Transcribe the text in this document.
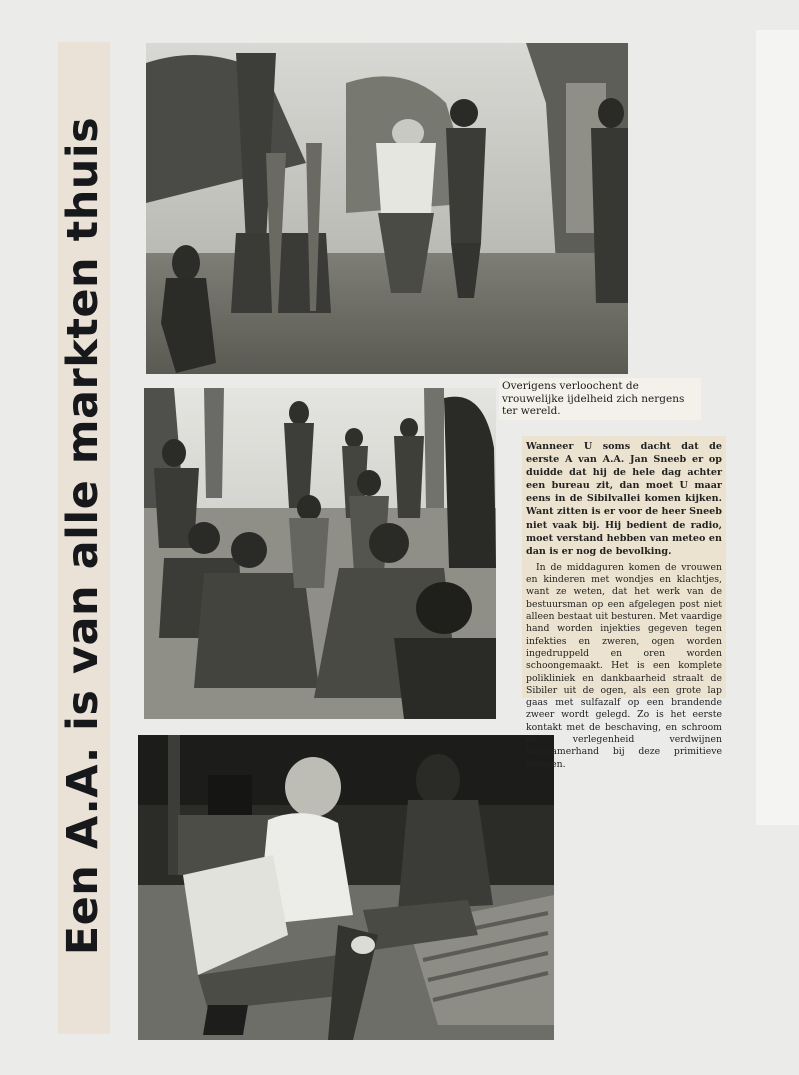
Een A.A. is van alle markten thuis	Overigens verloochent de vrouwelijke ijdelheid zich nergens ter wereld.

Wanneer U soms dacht dat de eerste A van A.A. Jan Sneeb er op duidde dat hij de hele dag achter een bureau zit, dan moet U maar eens in de Sibilvallei komen kijken. Want zitten is er voor de heer Sneeb niet vaak bij. Hij bedient de radio, moet verstand hebben van meteo en dan is er nog de bevolking.

In de middaguren komen de vrouwen en kinderen met wondjes en klachtjes, want ze weten, dat het werk van de bestuursman op een afgelegen post niet alleen bestaat uit besturen. Met vaardige hand worden injekties gegeven tegen infekties en zweren, ogen worden ingedruppeld en oren worden schoongemaakt. Het is een komplete polikliniek en dankbaarheid straalt de Sibiler uit de ogen, als een grote lap gaas met sulfazalf op een brandende zweer wordt gelegd. Zo is het eerste kontakt met de beschaving, en schroom en verlegenheid verdwijnen langzamerhand bij deze primitieve mensen.
